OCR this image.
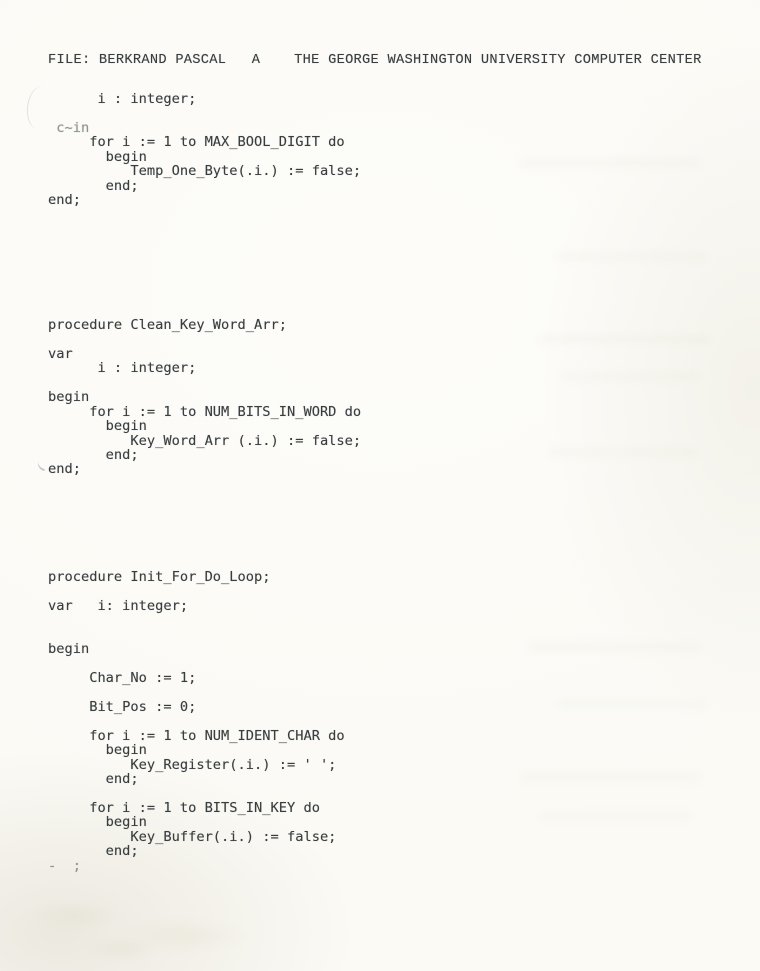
FILE: BERKRAND PASCAL   A    THE GEORGE WASHINGTON UNIVERSITY COMPUTER CENTER
i : integer;
c~in
for i := 1 to MAX_BOOL_DIGIT do
begin
Temp_One_Byte(.i.) := false;
end;
end;
procedure Clean_Key_Word_Arr;
var
i : integer;
begin
for i := 1 to NUM_BITS_IN_WORD do
begin
Key_Word_Arr (.i.) := false;
end;
end;
procedure Init_For_Do_Loop;
var   i: integer;
begin
Char_No := 1;
Bit_Pos := 0;
for i := 1 to NUM_IDENT_CHAR do
begin
Key_Register(.i.) := ' ';
end;
for i := 1 to BITS_IN_KEY do
begin
Key_Buffer(.i.) := false;
end;
-  ;
